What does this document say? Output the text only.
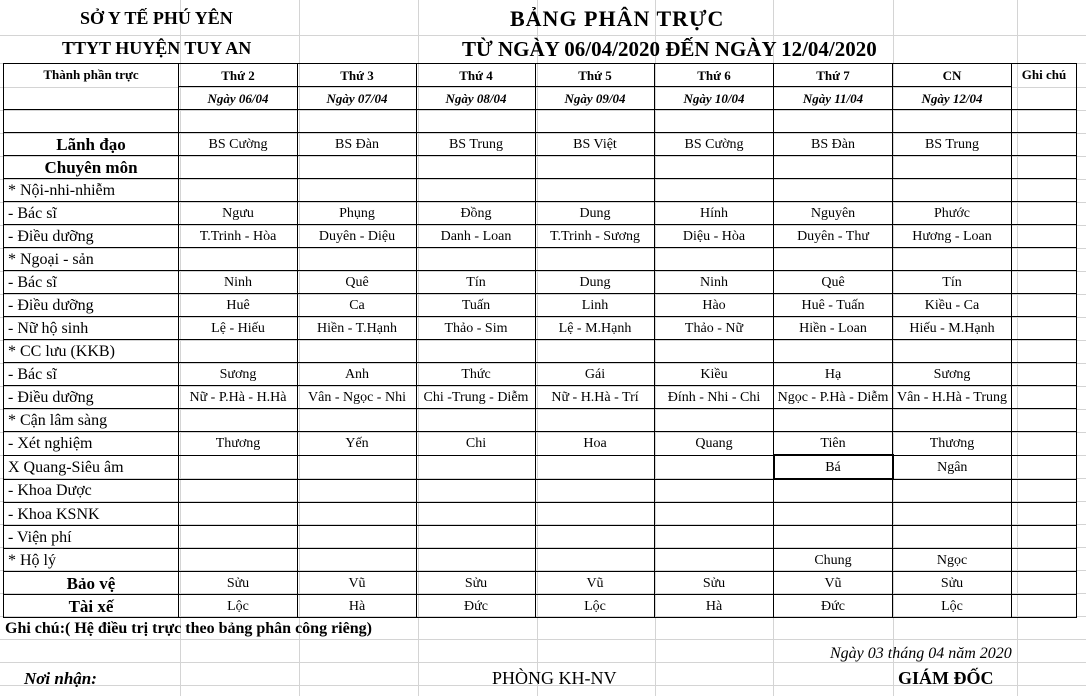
SỞ Y TẾ PHÚ YÊN
TTYT HUYỆN TUY AN
BẢNG PHÂN TRỰC
TỪ NGÀY 06/04/2020 ĐẾN NGÀY 12/04/2020
Thành phần trực	Thứ 2	Thứ 3	Thứ 4	Thứ 5	Thứ 6	Thứ 7	CN	Ghi chú
	Ngày 06/04	Ngày 07/04	Ngày 08/04	Ngày 09/04	Ngày 10/04	Ngày 11/04	Ngày 12/04	

Lãnh đạo	BS Cường	BS Đàn	BS Trung	BS Việt	BS Cường	BS Đàn	BS Trung	
Chuyên môn								
* Nội-nhi-nhiễm								
- Bác sĩ	Ngưu	Phụng	Đồng	Dung	Hính	Nguyên	Phước	
- Điều dưỡng	T.Trinh - Hòa	Duyên - Diệu	Danh - Loan	T.Trinh - Sương	Diệu - Hòa	Duyên - Thư	Hương - Loan	
* Ngoại - sản								
- Bác sĩ	Ninh	Quê	Tín	Dung	Ninh	Quê	Tín	
- Điều dưỡng	Huê	Ca	Tuấn	Linh	Hào	Huê - Tuấn	Kiều - Ca	
- Nữ hộ sinh	Lệ - Hiếu	Hiền - T.Hạnh	Thảo - Sim	Lệ - M.Hạnh	Thảo - Nữ	Hiền - Loan	Hiếu - M.Hạnh	
* CC lưu (KKB)								
- Bác sĩ	Sương	Anh	Thức	Gái	Kiều	Hạ	Sương	
- Điều dưỡng	Nữ - P.Hà - H.Hà	Vân - Ngọc - Nhi	Chi -Trung - Diễm	Nữ - H.Hà - Trí	Đính - Nhi - Chi	Ngọc - P.Hà - Diễm	Vân - H.Hà - Trung	
* Cận lâm sàng								
- Xét nghiệm	Thương	Yến	Chi	Hoa	Quang	Tiên	Thương	
X Quang-Siêu âm						Bá	Ngân	
- Khoa Dược								
- Khoa KSNK								
- Viện phí								
* Hộ lý						Chung	Ngọc	
Bảo vệ	Sửu	Vũ	Sửu	Vũ	Sửu	Vũ	Sửu	
Tài xế	Lộc	Hà	Đức	Lộc	Hà	Đức	Lộc	
Ghi chú:( Hệ điều trị trực theo bảng phân công riêng)
Ngày 03 tháng 04 năm 2020
Nơi nhận:	PHÒNG KH-NV	GIÁM ĐỐC
